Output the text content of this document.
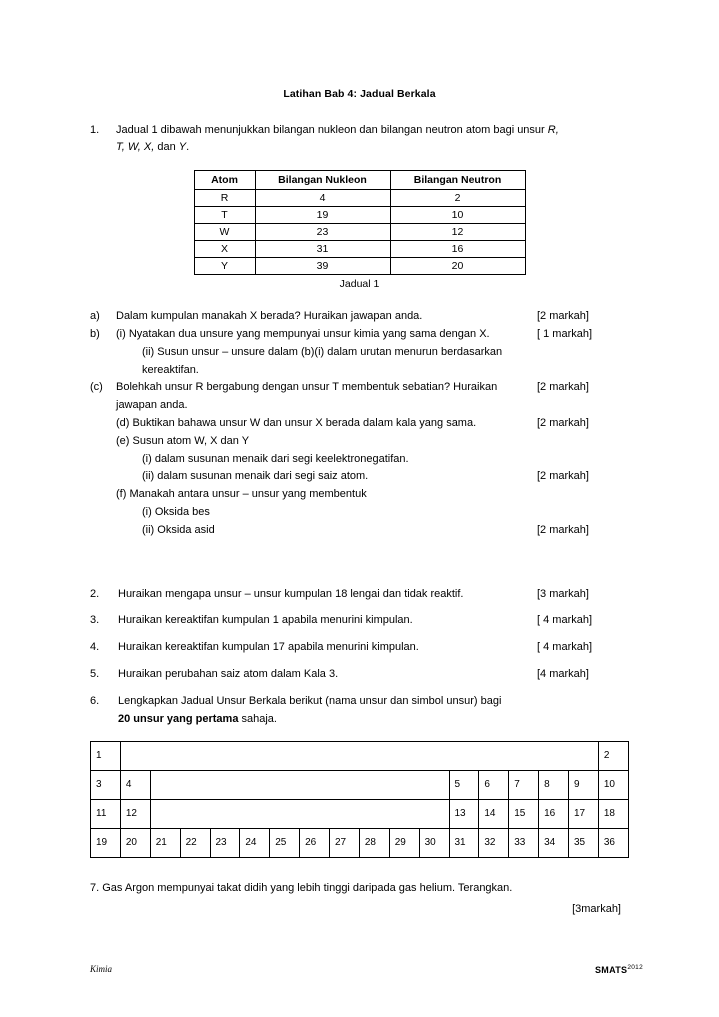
Latihan Bab 4: Jadual Berkala
1.	Jadual 1 dibawah menunjukkan bilangan nukleon dan bilangan neutron atom bagi unsur R,
T, W, X, dan Y.
Atom	Bilangan Nukleon	Bilangan Neutron
R	4	2
T	19	10
W	23	12
X	31	16
Y	39	20
Jadual 1
a)	Dalam kumpulan manakah X berada? Huraikan jawapan anda.	[2 markah]
b)	(i) Nyatakan dua unsure yang mempunyai unsur kimia yang sama dengan X.	[ 1 markah]
(ii) Susun unsur – unsure dalam (b)(i) dalam urutan menurun berdasarkan kereaktifan.
(c)	Bolehkah unsur R bergabung dengan unsur T membentuk sebatian? Huraikan	[2 markah]
jawapan anda.
(d) Buktikan bahawa unsur W dan unsur X berada dalam kala yang sama.	[2 markah]
(e) Susun atom W, X dan Y
(i) dalam susunan menaik dari segi keelektronegatifan.
(ii) dalam susunan menaik dari segi saiz atom.	[2 markah]
(f) Manakah antara unsur – unsur yang membentuk
(i) Oksida bes
(ii) Oksida asid	[2 markah]
2.	Huraikan mengapa unsur – unsur kumpulan 18 lengai dan tidak reaktif.	[3 markah]
3.	Huraikan kereaktifan kumpulan 1 apabila menurini kimpulan.	[ 4 markah]
4.	Huraikan kereaktifan kumpulan 17 apabila menurini kimpulan.	[ 4 markah]
5.	Huraikan perubahan saiz atom dalam Kala 3.	[4 markah]
6.	Lengkapkan Jadual Unsur Berkala berikut (nama unsur dan simbol unsur) bagi
20 unsur yang pertama sahaja.
1																	2
3	4											5	6	7	8	9	10
11	12											13	14	15	16	17	18
19	20	21	22	23	24	25	26	27	28	29	30	31	32	33	34	35	36
7. Gas Argon mempunyai takat didih yang lebih tinggi daripada gas helium. Terangkan.
[3markah]
Kimia	$SMATS^{2012}$
